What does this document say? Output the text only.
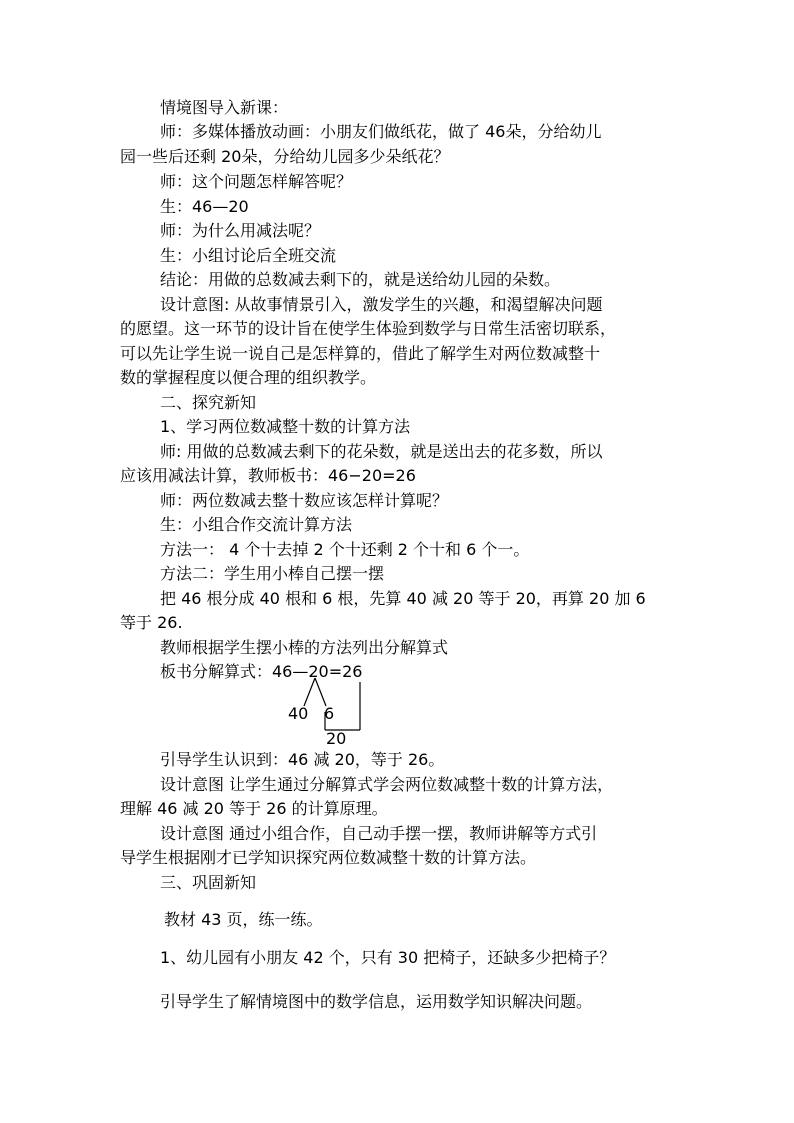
情境图导入新课：
师：多媒体播放动画：小朋友们做纸花，做了 46朵，分给幼儿
园一些后还剩 20朵，分给幼儿园多少朵纸花？
师：这个问题怎样解答呢？
生：46—20
师：为什么用减法呢？
生：小组讨论后全班交流
结论：用做的总数减去剩下的，就是送给幼儿园的朵数。
设计意图: 从故事情景引入，激发学生的兴趣，和渴望解决问题
的愿望。这一环节的设计旨在使学生体验到数学与日常生活密切联系，
可以先让学生说一说自己是怎样算的，借此了解学生对两位数减整十
数的掌握程度以便合理的组织教学。
二、探究新知
1、学习两位数减整十数的计算方法
师: 用做的总数减去剩下的花朵数，就是送出去的花多数，所以
应该用减法计算，教师板书：46−20=26
师：两位数减去整十数应该怎样计算呢？
生：小组合作交流计算方法
方法一： 4 个十去掉 2 个十还剩 2 个十和 6 个一。
方法二：学生用小棒自己摆一摆
把 46 根分成 40 根和 6 根，先算 40 减 20 等于 20，再算 20 加 6
等于 26.
教师根据学生摆小棒的方法列出分解算式
板书分解算式：46—20=26
40 6
20
引导学生认识到：46 减 20，等于 26。
设计意图 让学生通过分解算式学会两位数减整十数的计算方法，
理解 46 减 20 等于 26 的计算原理。
设计意图 通过小组合作，自己动手摆一摆，教师讲解等方式引
导学生根据刚才已学知识探究两位数减整十数的计算方法。
三、巩固新知
教材 43 页，练一练。
1、幼儿园有小朋友 42 个，只有 30 把椅子，还缺多少把椅子？
引导学生了解情境图中的数学信息，运用数学知识解决问题。
